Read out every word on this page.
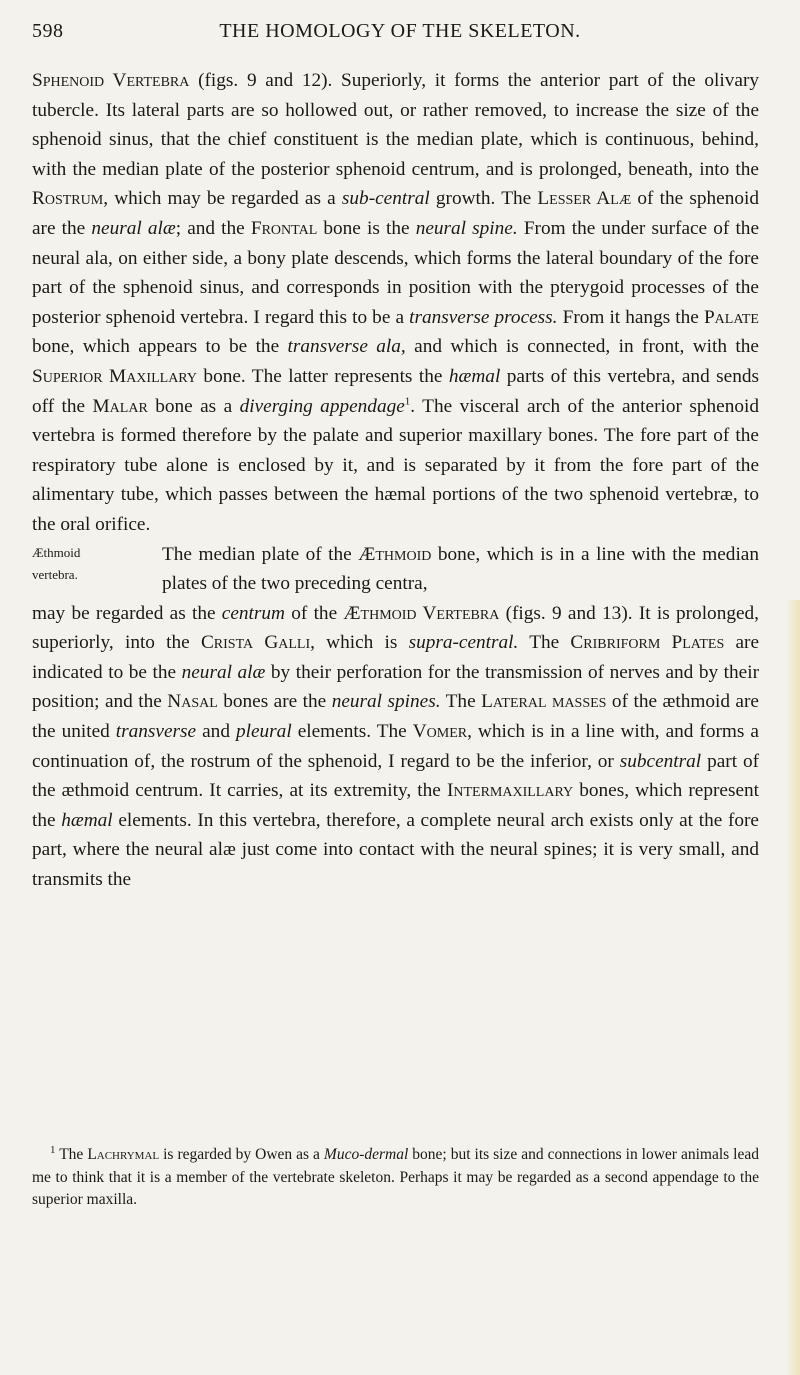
598	THE HOMOLOGY OF THE SKELETON.

Sphenoid Vertebra (figs. 9 and 12). Superiorly, it forms the anterior part of the olivary tubercle. Its lateral parts are so hollowed out, or rather removed, to increase the size of the sphenoid sinus, that the chief constituent is the median plate, which is continuous, behind, with the median plate of the posterior sphenoid centrum, and is prolonged, beneath, into the Rostrum, which may be regarded as a sub-central growth. The Lesser Alæ of the sphenoid are the neural alæ; and the Frontal bone is the neural spine. From the under surface of the neural ala, on either side, a bony plate descends, which forms the lateral boundary of the fore part of the sphenoid sinus, and corresponds in position with the pterygoid processes of the posterior sphenoid vertebra. I regard this to be a transverse process. From it hangs the Palate bone, which appears to be the transverse ala, and which is connected, in front, with the Superior Maxillary bone. The latter represents the hæmal parts of this vertebra, and sends off the Malar bone as a diverging appendage$^1$. The visceral arch of the anterior sphenoid vertebra is formed therefore by the palate and superior maxillary bones. The fore part of the respiratory tube alone is enclosed by it, and is separated by it from the fore part of the alimentary tube, which passes between the hæmal portions of the two sphenoid vertebræ, to the oral orifice.

Æthmoid
vertebra.

The median plate of the Æthmoid bone, which is in a line with the median plates of the two preceding centra,

may be regarded as the centrum of the Æthmoid Vertebra (figs. 9 and 13). It is prolonged, superiorly, into the Crista Galli, which is supra-central. The Cribriform Plates are indicated to be the neural alæ by their perforation for the transmission of nerves and by their position; and the Nasal bones are the neural spines. The Lateral masses of the æthmoid are the united transverse and pleural elements. The Vomer, which is in a line with, and forms a continuation of, the rostrum of the sphenoid, I regard to be the inferior, or subcentral part of the æthmoid centrum. It carries, at its extremity, the Intermaxillary bones, which represent the hæmal elements. In this vertebra, therefore, a complete neural arch exists only at the fore part, where the neural alæ just come into contact with the neural spines; it is very small, and transmits the

$^1$ The Lachrymal is regarded by Owen as a Muco-dermal bone; but its size and connections in lower animals lead me to think that it is a member of the vertebrate skeleton. Perhaps it may be regarded as a second appendage to the superior maxilla.
